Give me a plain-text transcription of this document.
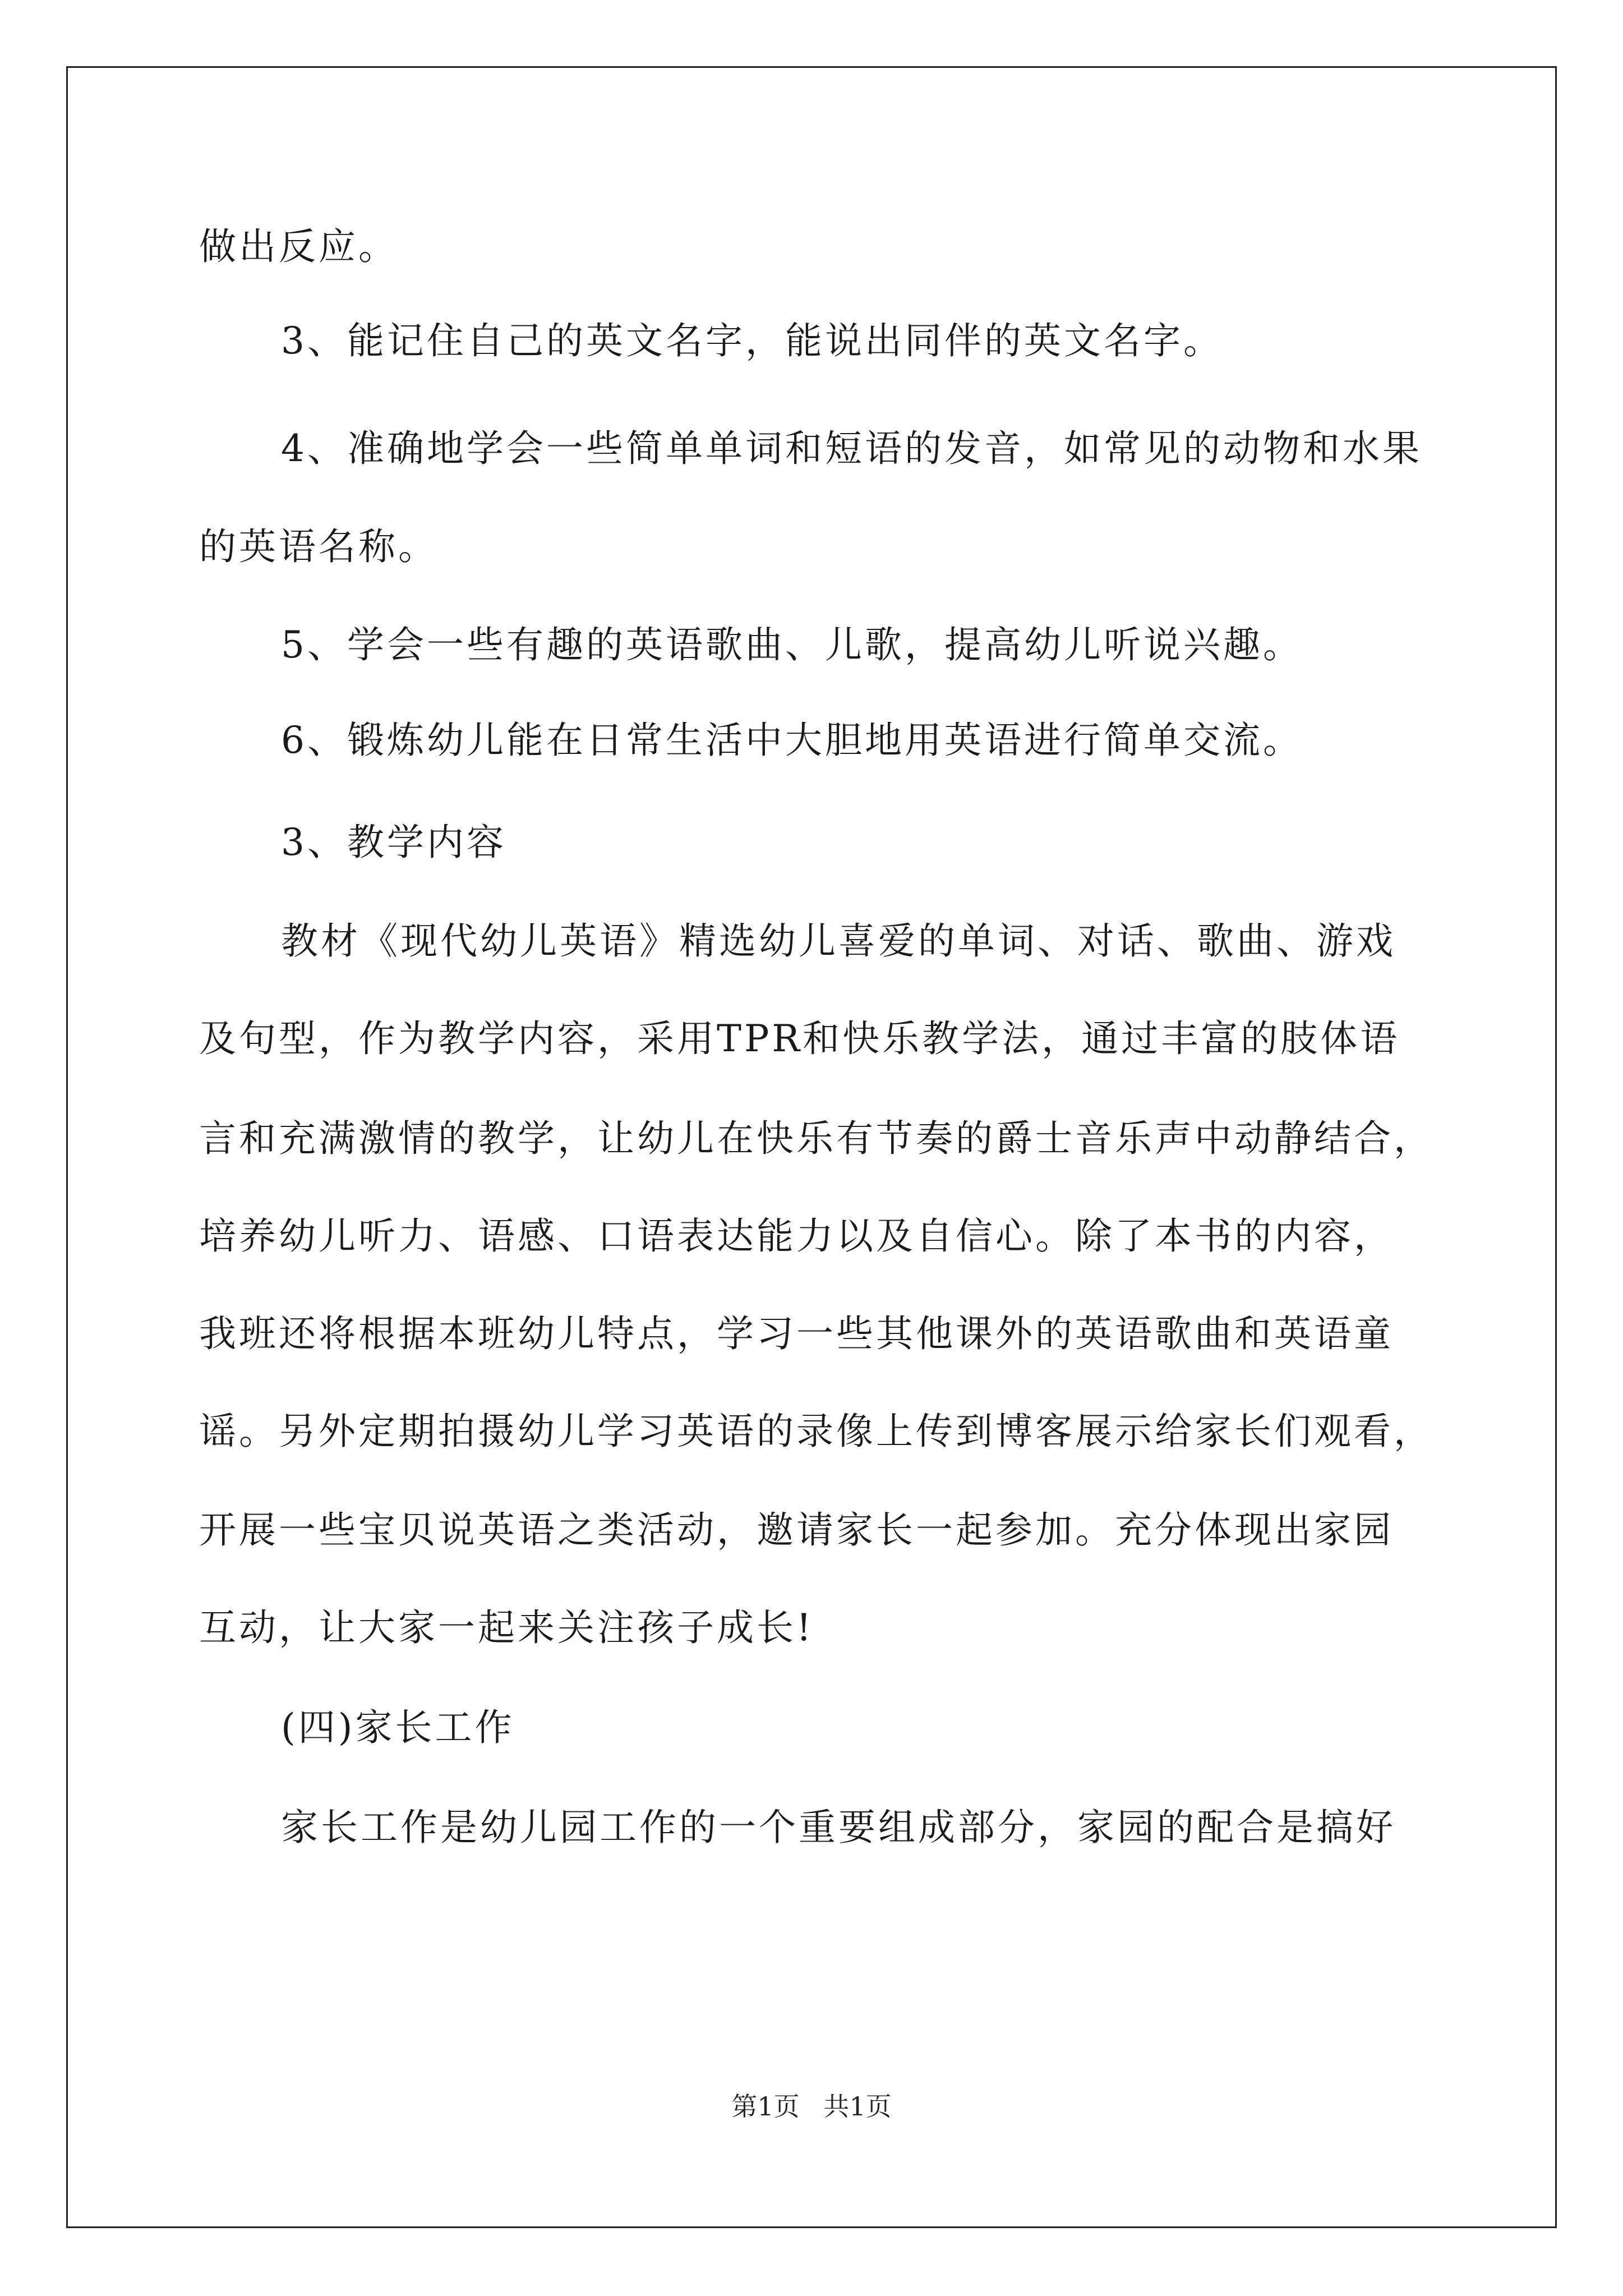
做出反应。
3、能记住自己的英文名字，能说出同伴的英文名字。
4、准确地学会一些简单单词和短语的发音，如常见的动物和水果
的英语名称。
5、学会一些有趣的英语歌曲、儿歌，提高幼儿听说兴趣。
6、锻炼幼儿能在日常生活中大胆地用英语进行简单交流。
3、教学内容
教材《现代幼儿英语》精选幼儿喜爱的单词、对话、歌曲、游戏
及句型，作为教学内容，采用TPR和快乐教学法，通过丰富的肢体语
言和充满激情的教学，让幼儿在快乐有节奏的爵士音乐声中动静结合，
培养幼儿听力、语感、口语表达能力以及自信心。除了本书的内容，
我班还将根据本班幼儿特点，学习一些其他课外的英语歌曲和英语童
谣。另外定期拍摄幼儿学习英语的录像上传到博客展示给家长们观看，
开展一些宝贝说英语之类活动，邀请家长一起参加。充分体现出家园
互动，让大家一起来关注孩子成长!
(四)家长工作
家长工作是幼儿园工作的一个重要组成部分，家园的配合是搞好
第1页 共1页
